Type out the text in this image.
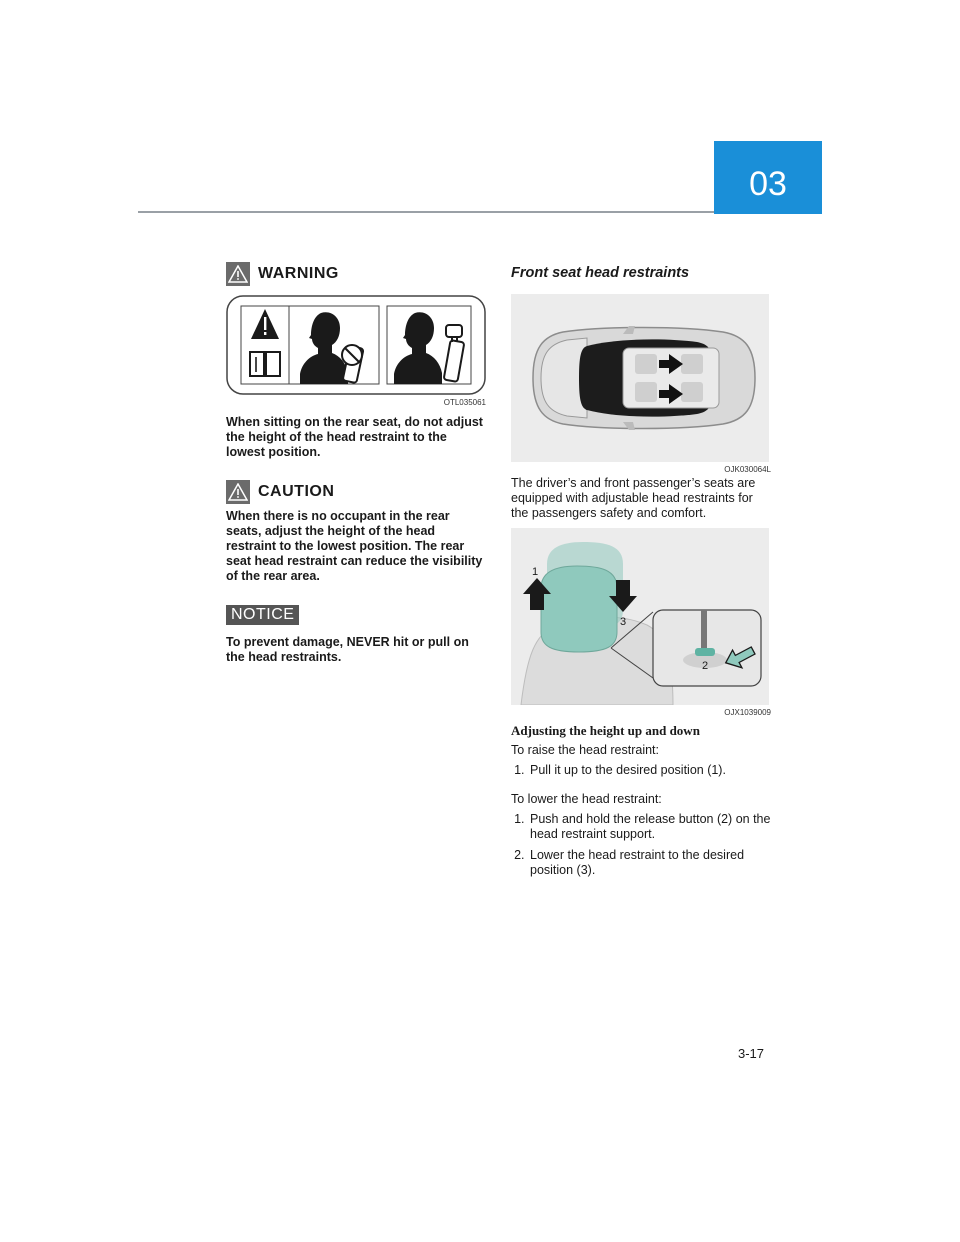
03
WARNING
OTL035061
When sitting on the rear seat, do not adjust the height of the head restraint to the lowest position.
CAUTION
When there is no occupant in the rear seats, adjust the height of the head restraint to the lowest position. The rear seat head restraint can reduce the visibility of the rear area.
NOTICE
To prevent damage, NEVER hit or pull on the head restraints.
Front seat head restraints
OJK030064L
The driver’s and front passenger’s seats are equipped with adjustable head restraints for the passengers safety and comfort.
1
3
2
OJX1039009
Adjusting the height up and down
To raise the head restraint:
1. Pull it up to the desired position (1).
To lower the head restraint:
1. Push and hold the release button (2) on the head restraint support.
2. Lower the head restraint to the desired position (3).
3-17
